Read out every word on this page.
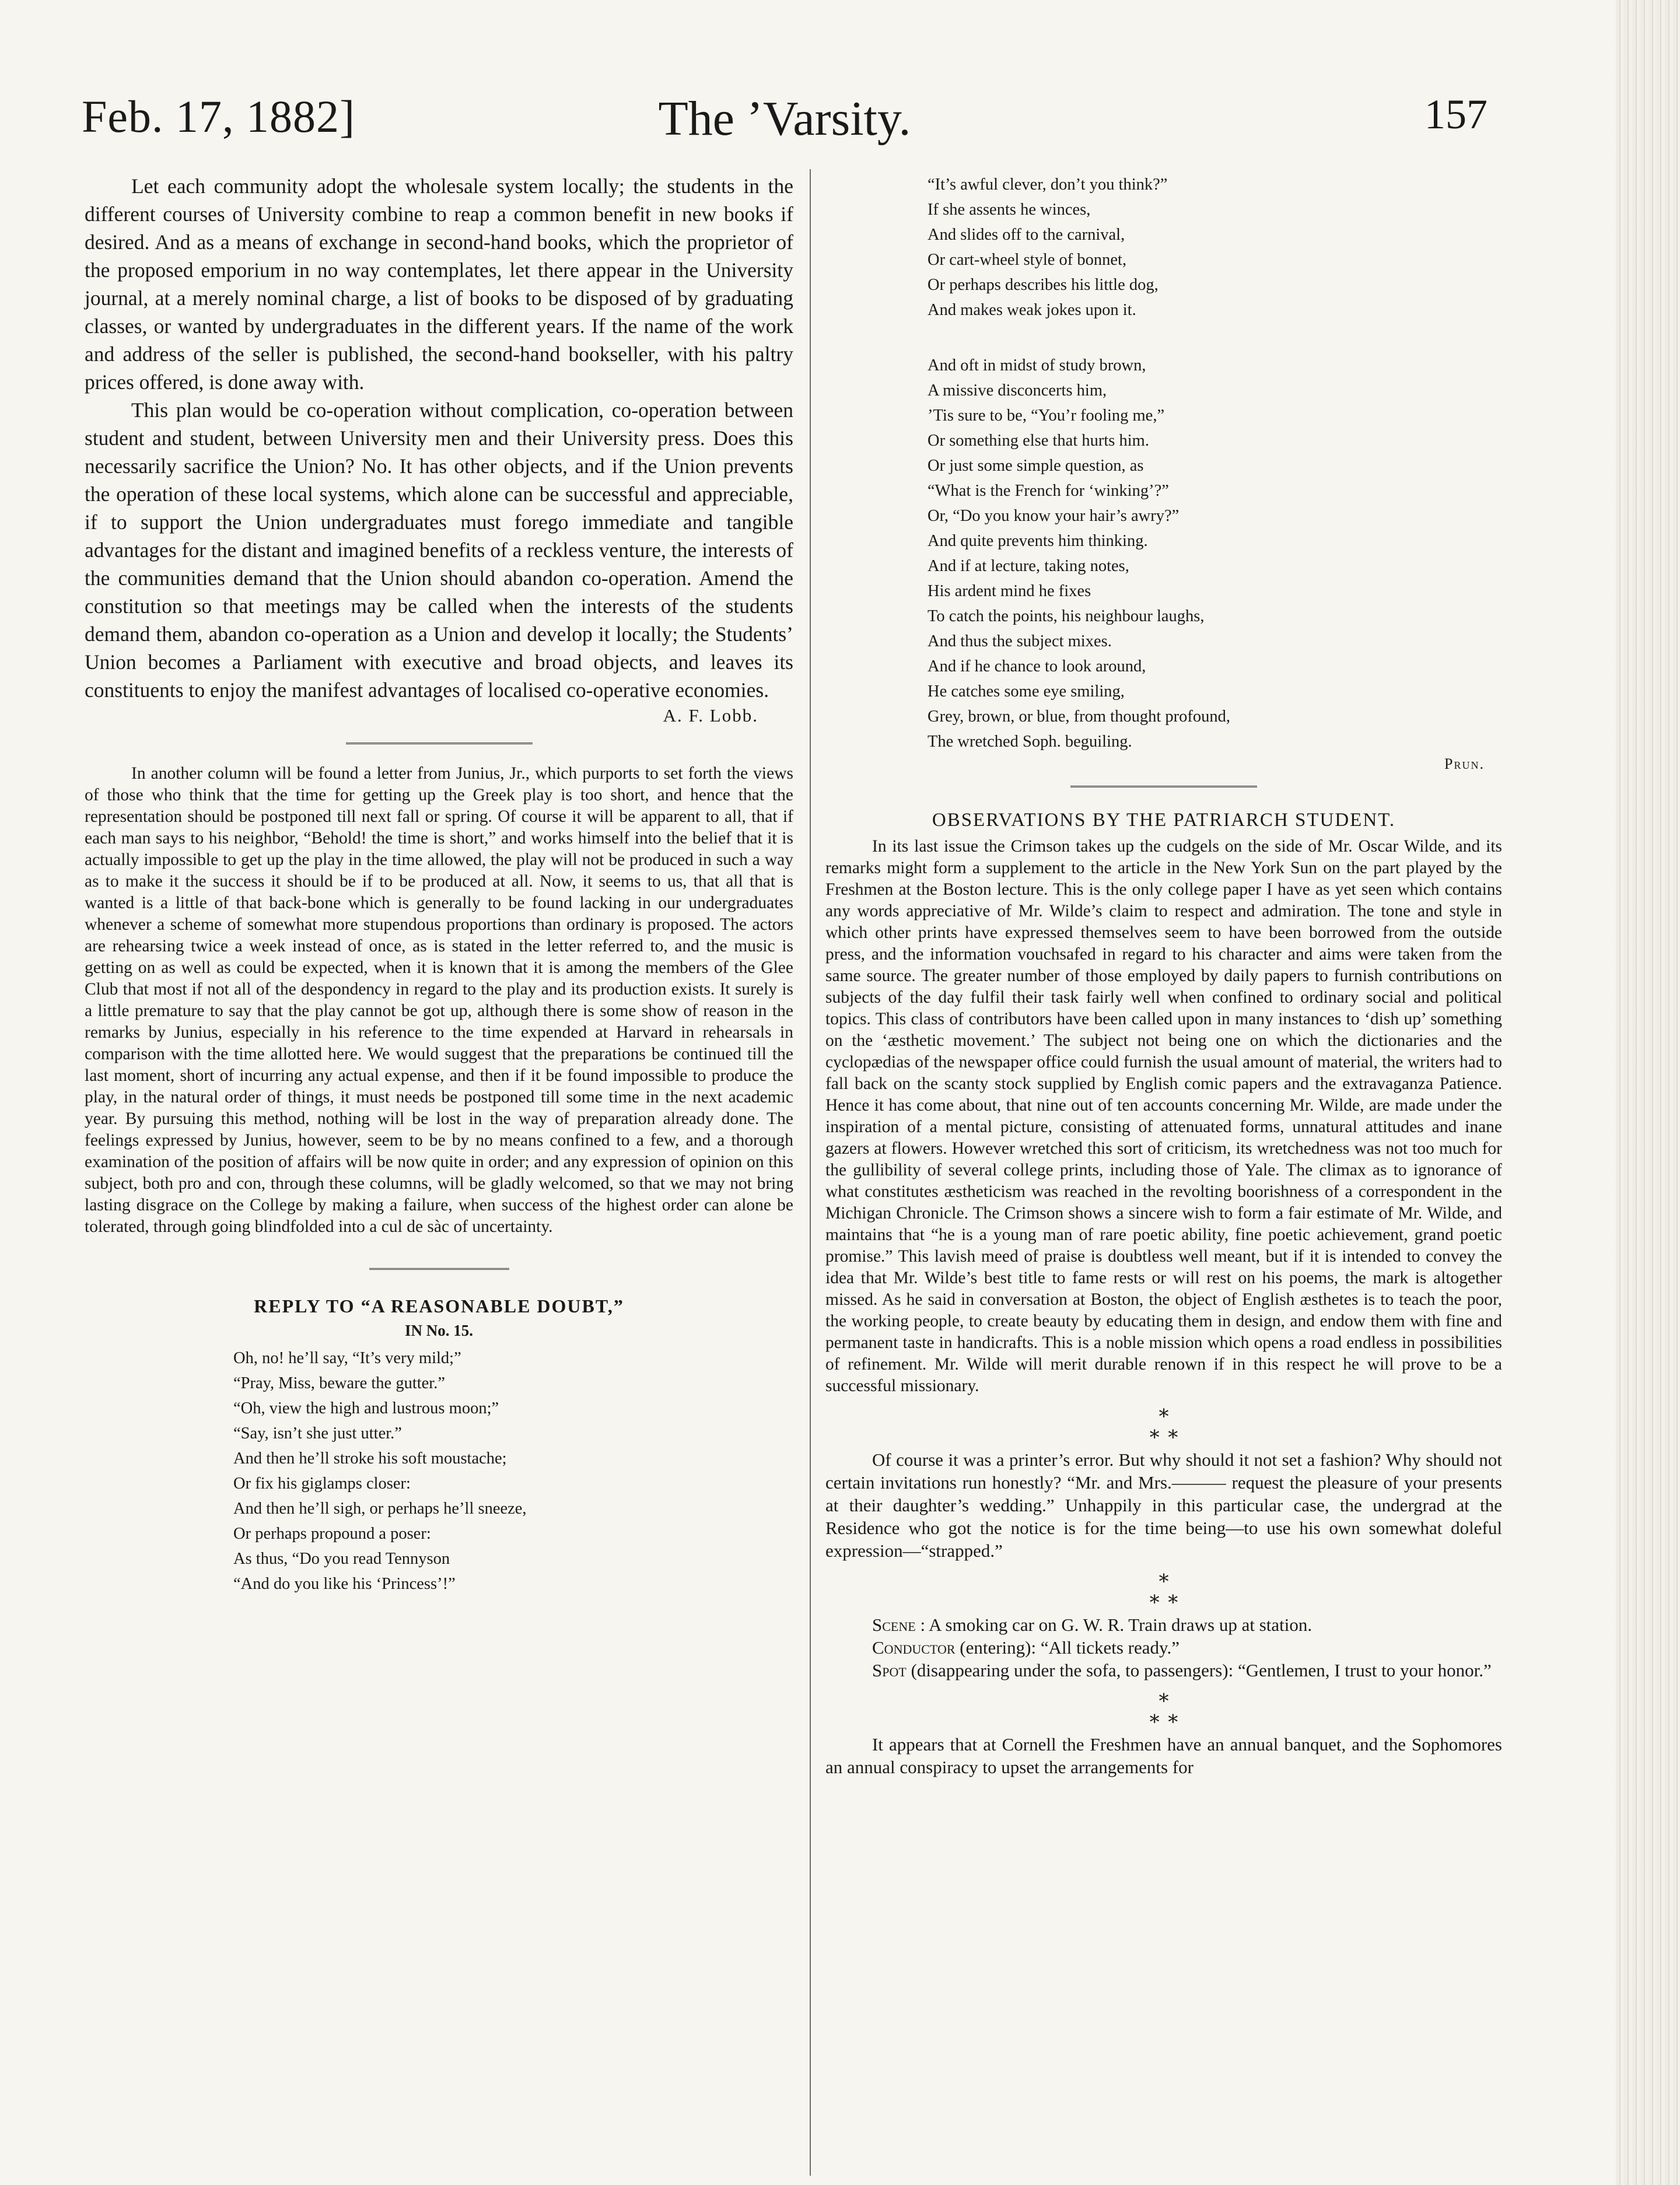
The ’Varsity.
Feb. 17, 1882]	157

Let each community adopt the wholesale system locally; the students in the different courses of University combine to reap a common benefit in new books if desired. And as a means of exchange in second-hand books, which the proprietor of the proposed emporium in no way contemplates, let there appear in the University journal, at a merely nominal charge, a list of books to be disposed of by graduating classes, or wanted by undergraduates in the different years. If the name of the work and address of the seller is published, the second-hand bookseller, with his paltry prices offered, is done away with.

This plan would be co-operation without complication, co-operation between student and student, between University men and their University press. Does this necessarily sacrifice the Union? No. It has other objects, and if the Union prevents the operation of these local systems, which alone can be successful and appreciable, if to support the Union undergraduates must forego immediate and tangible advantages for the distant and imagined benefits of a reckless venture, the interests of the communities demand that the Union should abandon co-operation. Amend the constitution so that meetings may be called when the interests of the students demand them, abandon co-operation as a Union and develop it locally; the Students’ Union becomes a Parliament with executive and broad objects, and leaves its constituents to enjoy the manifest advantages of localised co-operative economies.

A. F. Lobb.

In another column will be found a letter from Junius, Jr., which purports to set forth the views of those who think that the time for getting up the Greek play is too short, and hence that the representation should be postponed till next fall or spring. Of course it will be apparent to all, that if each man says to his neighbor, “Behold! the time is short,” and works himself into the belief that it is actually impossible to get up the play in the time allowed, the play will not be produced in such a way as to make it the success it should be if to be produced at all. Now, it seems to us, that all that is wanted is a little of that back-bone which is generally to be found lacking in our undergraduates whenever a scheme of somewhat more stupendous proportions than ordinary is proposed. The actors are rehearsing twice a week instead of once, as is stated in the letter referred to, and the music is getting on as well as could be expected, when it is known that it is among the members of the Glee Club that most if not all of the despondency in regard to the play and its production exists. It surely is a little premature to say that the play cannot be got up, although there is some show of reason in the remarks by Junius, especially in his reference to the time expended at Harvard in rehearsals in comparison with the time allotted here. We would suggest that the preparations be continued till the last moment, short of incurring any actual expense, and then if it be found impossible to produce the play, in the natural order of things, it must needs be postponed till some time in the next academic year. By pursuing this method, nothing will be lost in the way of preparation already done. The feelings expressed by Junius, however, seem to be by no means confined to a few, and a thorough examination of the position of affairs will be now quite in order; and any expression of opinion on this subject, both pro and con, through these columns, will be gladly welcomed, so that we may not bring lasting disgrace on the College by making a failure, when success of the highest order can alone be tolerated, through going blindfolded into a cul de sàc of uncertainty.

REPLY TO “A REASONABLE DOUBT,”
IN No. 15.
Oh, no! he’ll say, “It’s very mild;”
“Pray, Miss, beware the gutter.”
“Oh, view the high and lustrous moon;”
“Say, isn’t she just utter.”
And then he’ll stroke his soft moustache;
Or fix his giglamps closer:
And then he’ll sigh, or perhaps he’ll sneeze,
Or perhaps propound a poser:
As thus, “Do you read Tennyson
“And do you like his ‘Princess’!”
“It’s awful clever, don’t you think?”
If she assents he winces,
And slides off to the carnival,
Or cart-wheel style of bonnet,
Or perhaps describes his little dog,
And makes weak jokes upon it.
And oft in midst of study brown,
A missive disconcerts him,
’Tis sure to be, “You’r fooling me,”
Or something else that hurts him.
Or just some simple question, as
“What is the French for ‘winking’?”
Or, “Do you know your hair’s awry?”
And quite prevents him thinking.
And if at lecture, taking notes,
His ardent mind he fixes
To catch the points, his neighbour laughs,
And thus the subject mixes.
And if he chance to look around,
He catches some eye smiling,
Grey, brown, or blue, from thought profound,
The wretched Soph. beguiling.
Prun.
OBSERVATIONS BY THE PATRIARCH STUDENT.

In its last issue the Crimson takes up the cudgels on the side of Mr. Oscar Wilde, and its remarks might form a supplement to the article in the New York Sun on the part played by the Freshmen at the Boston lecture. This is the only college paper I have as yet seen which contains any words appreciative of Mr. Wilde’s claim to respect and admiration. The tone and style in which other prints have expressed themselves seem to have been borrowed from the outside press, and the information vouchsafed in regard to his character and aims were taken from the same source. The greater number of those employed by daily papers to furnish contributions on subjects of the day fulfil their task fairly well when confined to ordinary social and political topics. This class of contributors have been called upon in many instances to ‘dish up’ something on the ‘æsthetic movement.’ The subject not being one on which the dictionaries and the cyclopædias of the newspaper office could furnish the usual amount of material, the writers had to fall back on the scanty stock supplied by English comic papers and the extravaganza Patience. Hence it has come about, that nine out of ten accounts concerning Mr. Wilde, are made under the inspiration of a mental picture, consisting of attenuated forms, unnatural attitudes and inane gazers at flowers. However wretched this sort of criticism, its wretchedness was not too much for the gullibility of several college prints, including those of Yale. The climax as to ignorance of what constitutes æstheticism was reached in the revolting boorishness of a correspondent in the Michigan Chronicle. The Crimson shows a sincere wish to form a fair estimate of Mr. Wilde, and maintains that “he is a young man of rare poetic ability, fine poetic achievement, grand poetic promise.” This lavish meed of praise is doubtless well meant, but if it is intended to convey the idea that Mr. Wilde’s best title to fame rests or will rest on his poems, the mark is altogether missed. As he said in conversation at Boston, the object of English æsthetes is to teach the poor, the working people, to create beauty by educating them in design, and endow them with fine and permanent taste in handicrafts. This is a noble mission which opens a road endless in possibilities of refinement. Mr. Wilde will merit durable renown if in this respect he will prove to be a successful missionary.

∗
∗ ∗

Of course it was a printer’s error. But why should it not set a fashion? Why should not certain invitations run honestly? “Mr. and Mrs.——— request the pleasure of your presents at their daughter’s wedding.” Unhappily in this particular case, the undergrad at the Residence who got the notice is for the time being—to use his own somewhat doleful expression—“strapped.”

∗
∗ ∗

Scene : A smoking car on G. W. R. Train draws up at station.

Conductor (entering): “All tickets ready.”

Spot (disappearing under the sofa, to passengers): “Gentlemen, I trust to your honor.”

∗
∗ ∗

It appears that at Cornell the Freshmen have an annual banquet, and the Sophomores an annual conspiracy to upset the arrangements for
